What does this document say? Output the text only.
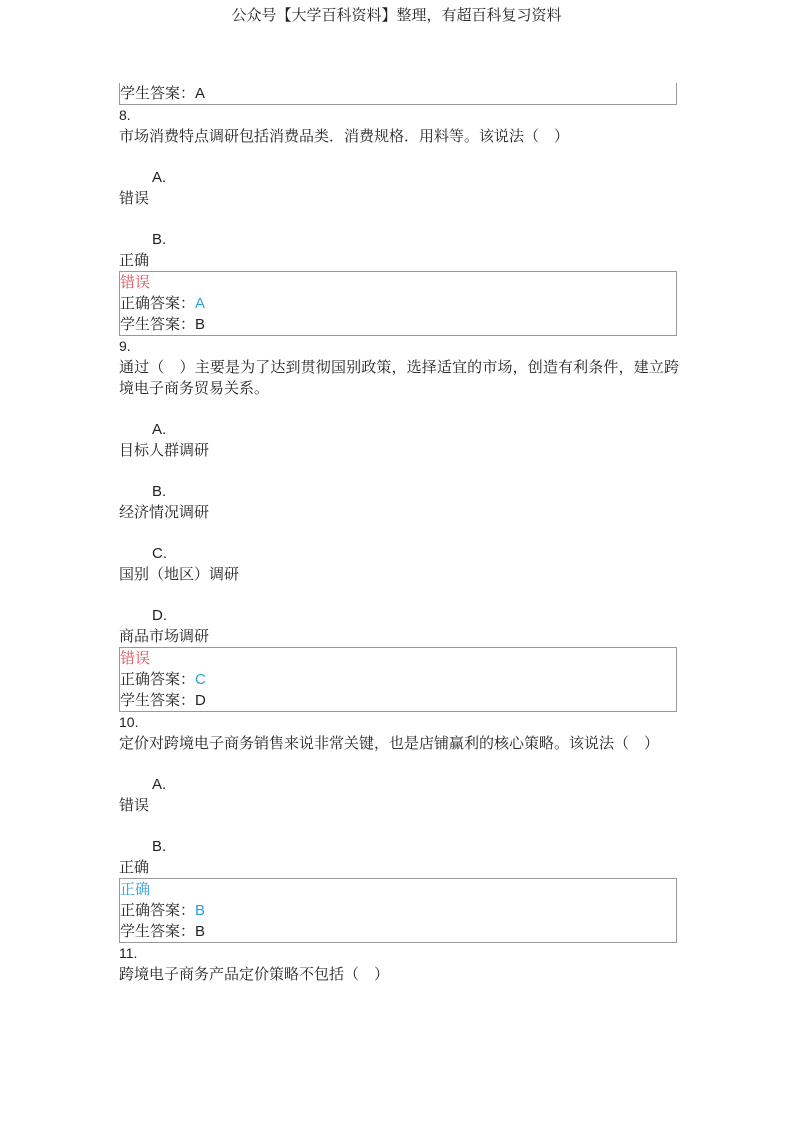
公众号【大学百科资料】整理，有超百科复习资料
学生答案：A
8.
市场消费特点调研包括消费品类．消费规格．用料等。该说法（　）
A.
错误
B.
正确
错误
正确答案：A
学生答案：B
9.
通过（　）主要是为了达到贯彻国别政策，选择适宜的市场，创造有利条件，建立跨境电子商务贸易关系。
A.
目标人群调研
B.
经济情况调研
C.
国别（地区）调研
D.
商品市场调研
错误
正确答案：C
学生答案：D
10.
定价对跨境电子商务销售来说非常关键，也是店铺赢利的核心策略。该说法（　）
A.
错误
B.
正确
正确
正确答案：B
学生答案：B
11.
跨境电子商务产品定价策略不包括（　）
